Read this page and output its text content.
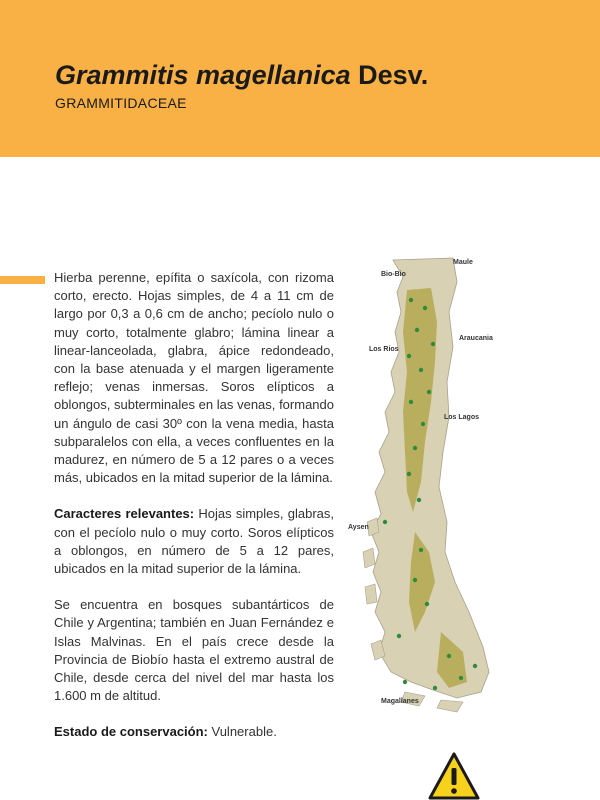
Grammitis magellanica Desv.
GRAMMITIDACEAE

Hierba perenne, epífita o saxícola, con rizoma corto, erecto. Hojas simples, de 4 a 11 cm de largo por 0,3 a 0,6 cm de ancho; pecíolo nulo o muy corto, totalmente glabro; lámina linear a linear-lanceolada, glabra, ápice redondeado, con la base atenuada y el margen ligeramente reflejo; venas inmersas. Soros elípticos a oblongos, subterminales en las venas, formando un ángulo de casi 30º con la vena media, hasta subparalelos con ella, a veces confluentes en la madurez, en número de 5 a 12 pares o a veces más, ubicados en la mitad superior de la lámina.

Caracteres relevantes: Hojas simples, glabras, con el pecíolo nulo o muy corto. Soros elípticos a oblongos, en número de 5 a 12 pares, ubicados en la mitad superior de la lámina.

Se encuentra en bosques subantárticos de Chile y Argentina; también en Juan Fernández e Islas Malvinas. En el país crece desde la Provincia de Biobío hasta el extremo austral de Chile, desde cerca del nivel del mar hasta los 1.600 m de altitud.

Estado de conservación: Vulnerable.

Maule
Bio-Bio
Araucania
Los Rios
Los Lagos
Aysen
Magallanes
